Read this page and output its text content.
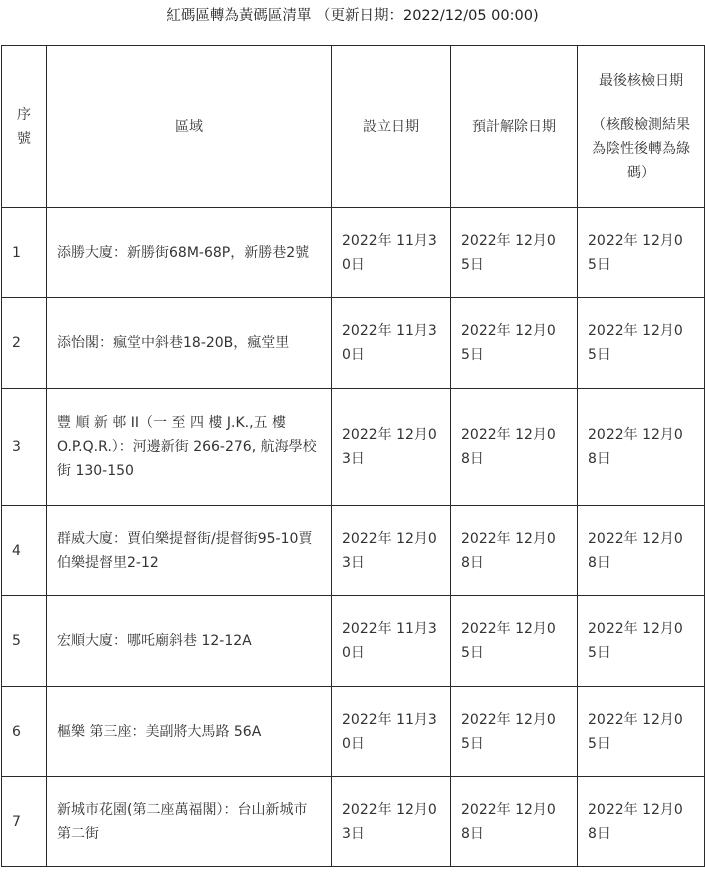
紅碼區轉為黃碼區清單 （更新日期：2022/12/05 00:00)
序號	區域	設立日期	預計解除日期	最後核檢日期
（核酸檢測結果為陰性後轉為綠碼）

1	添勝大廈：新勝街68M-68P，新勝巷2號	2022年 11月30日	2022年 12月05日	2022年 12月05日

2	添怡閣：瘋堂中斜巷18-20B，瘋堂里	2022年 11月30日	2022年 12月05日	2022年 12月05日

3	豐 順 新 邨 II（一 至 四 樓 J.K.,五 樓 O.P.Q.R.）：河邊新街 266-276, 航海學校街 130-150	2022年 12月03日	2022年 12月08日	2022年 12月08日

4	群威大廈：賈伯樂提督街/提督街95-10賈伯樂提督里2-12	2022年 12月03日	2022年 12月08日	2022年 12月08日

5	宏順大廈：哪吒廟斜巷 12-12A	2022年 11月30日	2022年 12月05日	2022年 12月05日

6	樞樂 第三座：美副將大馬路 56A	2022年 11月30日	2022年 12月05日	2022年 12月05日

7	新城市花園(第二座萬福閣）：台山新城市第二街	2022年 12月03日	2022年 12月08日	2022年 12月08日
